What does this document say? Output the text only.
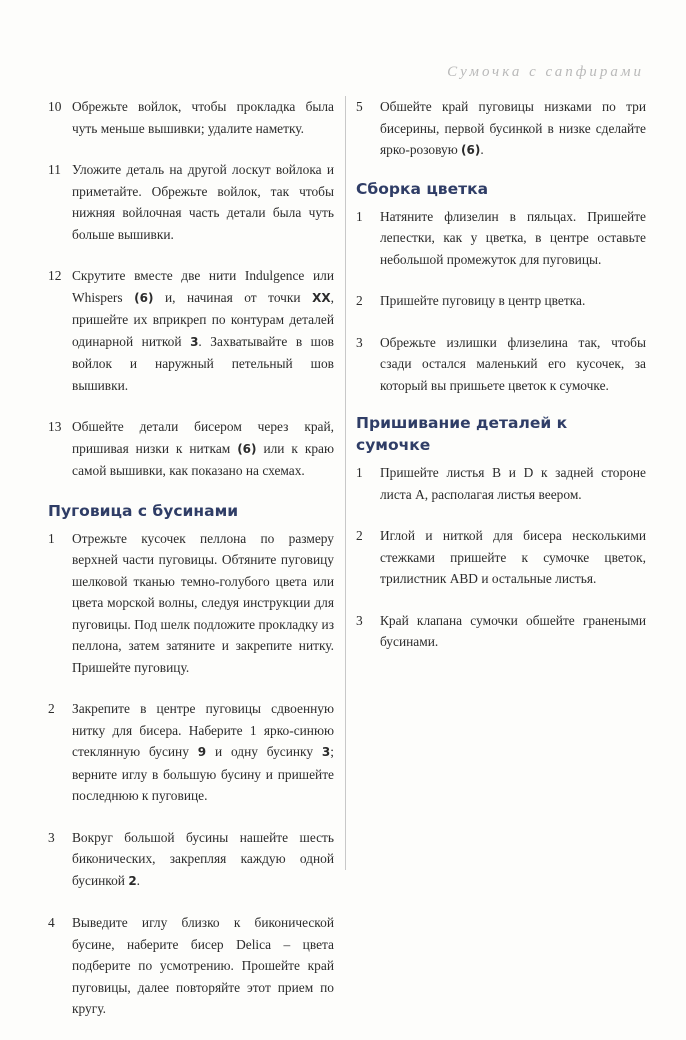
Сумочка с сапфирами
10 Обрежьте войлок, чтобы прокладка была чуть меньше вышивки; удалите наметку.
11 Уложите деталь на другой лоскут войлока и приметайте. Обрежьте войлок, так чтобы нижняя войлочная часть детали была чуть больше вышивки.
12 Скрутите вместе две нити Indulgence или Whispers (6) и, начиная от точки XX, пришейте их вприкреп по контурам деталей одинарной ниткой 3. Захватывайте в шов войлок и наружный петельный шов вышивки.
13 Обшейте детали бисером через край, пришивая низки к ниткам (6) или к краю самой вышивки, как показано на схемах.
Пуговица с бусинами
1	Отрежьте кусочек пеллона по размеру верхней части пуговицы. Обтяните пуговицу шелковой тканью темно-голубого цвета или цвета морской волны, следуя инструкции для пуговицы. Под шелк подложите прокладку из пеллона, затем затяните и закрепите нитку. Пришейте пуговицу.
2	Закрепите в центре пуговицы сдвоенную нитку для бисера. Наберите 1 ярко-синюю стеклянную бусину 9 и одну бусинку 3; верните иглу в большую бусину и пришейте последнюю к пуговице.
3	Вокруг большой бусины нашейте шесть биконических, закрепляя каждую одной бусинкой 2.
4	Выведите иглу близко к биконической бусине, наберите бисер Delica – цвета подберите по усмотрению. Прошейте край пуговицы, далее повторяйте этот прием по кругу.
5	Обшейте край пуговицы низками по три бисерины, первой бусинкой в низке сделайте ярко-розовую (6).
Сборка цветка
1	Натяните флизелин в пяльцах. Пришейте лепестки, как у цветка, в центре оставьте небольшой промежуток для пуговицы.
2	Пришейте пуговицу в центр цветка.
3	Обрежьте излишки флизелина так, чтобы сзади остался маленький его кусочек, за который вы пришьете цветок к сумочке.
Пришивание деталей к сумочке
1	Пришейте листья B и D к задней стороне листа A, располагая листья веером.
2	Иглой и ниткой для бисера несколькими стежками пришейте к сумочке цветок, трилистник ABD и остальные листья.
3	Край клапана сумочки обшейте гранеными бусинами.
